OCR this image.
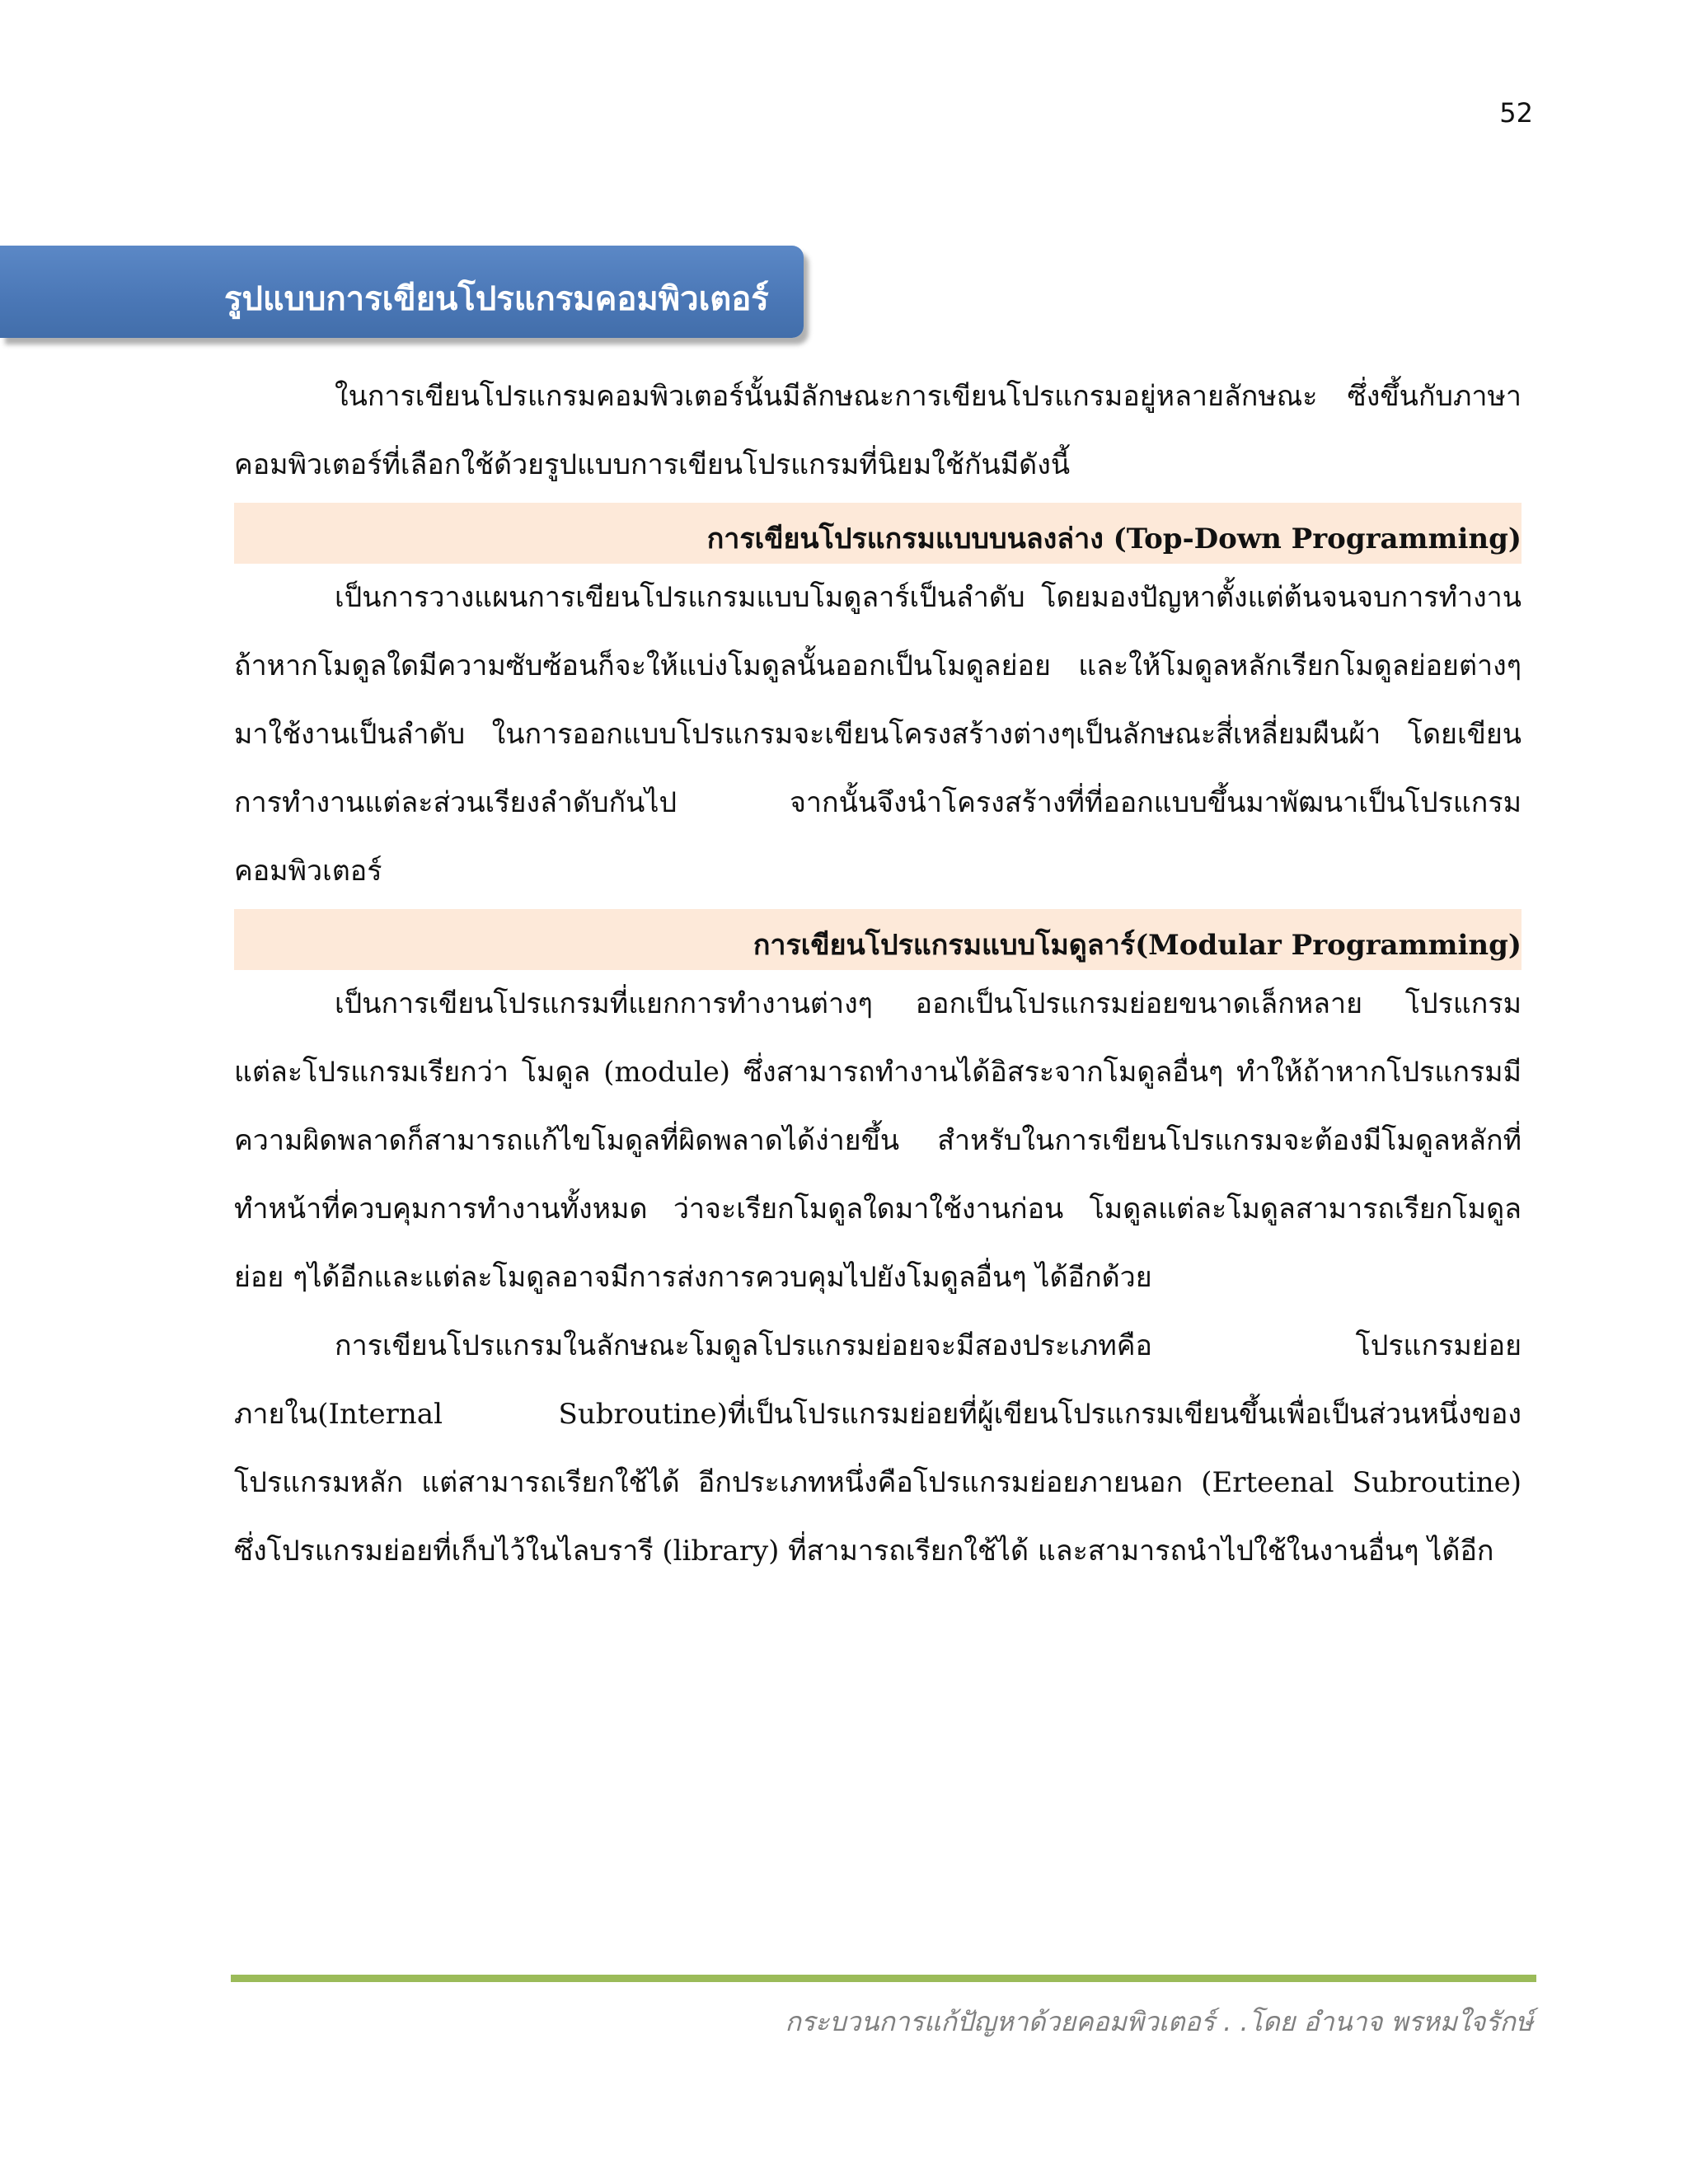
52
รูปแบบการเขียนโปรแกรมคอมพิวเตอร์

ในการเขียนโปรแกรมคอมพิวเตอร์นั้นมีลักษณะการเขียนโปรแกรมอยู่หลายลักษณะ ซึ่งขึ้นกับภาษาคอมพิวเตอร์ที่เลือกใช้ด้วยรูปแบบการเขียนโปรแกรมที่นิยมใช้กันมีดังนี้

การเขียนโปรแกรมแบบบนลงล่าง (Top-Down Programming)

เป็นการวางแผนการเขียนโปรแกรมแบบโมดูลาร์เป็นลำดับ โดยมองปัญหาตั้งแต่ต้นจนจบการทำงาน ถ้าหากโมดูลใดมีความซับซ้อนก็จะให้แบ่งโมดูลนั้นออกเป็นโมดูลย่อย และให้โมดูลหลักเรียกโมดูลย่อยต่างๆมาใช้งานเป็นลำดับ ในการออกแบบโปรแกรมจะเขียนโครงสร้างต่างๆเป็นลักษณะสี่เหลี่ยมผืนผ้า โดยเขียนการทำงานแต่ละส่วนเรียงลำดับกันไป จากนั้นจึงนำโครงสร้างที่ที่ออกแบบขึ้นมาพัฒนาเป็นโปรแกรมคอมพิวเตอร์

การเขียนโปรแกรมแบบโมดูลาร์(Modular Programming)

เป็นการเขียนโปรแกรมที่แยกการทำงานต่างๆ ออกเป็นโปรแกรมย่อยขนาดเล็กหลาย โปรแกรม แต่ละโปรแกรมเรียกว่า โมดูล (module) ซึ่งสามารถทำงานได้อิสระจากโมดูลอื่นๆ ทำให้ถ้าหากโปรแกรมมีความผิดพลาดก็สามารถแก้ไขโมดูลที่ผิดพลาดได้ง่ายขึ้น สำหรับในการเขียนโปรแกรมจะต้องมีโมดูลหลักที่ทำหน้าที่ควบคุมการทำงานทั้งหมด ว่าจะเรียกโมดูลใดมาใช้งานก่อน โมดูลแต่ละโมดูลสามารถเรียกโมดูลย่อย ๆได้อีกและแต่ละโมดูลอาจมีการส่งการควบคุมไปยังโมดูลอื่นๆ ได้อีกด้วย

การเขียนโปรแกรมในลักษณะโมดูลโปรแกรมย่อยจะมีสองประเภทคือ โปรแกรมย่อยภายใน(Internal Subroutine)ที่เป็นโปรแกรมย่อยที่ผู้เขียนโปรแกรมเขียนขึ้นเพื่อเป็นส่วนหนึ่งของโปรแกรมหลัก แต่สามารถเรียกใช้ได้ อีกประเภทหนึ่งคือโปรแกรมย่อยภายนอก (Erteenal Subroutine) ซึ่งโปรแกรมย่อยที่เก็บไว้ในไลบรารี (library) ที่สามารถเรียกใช้ได้ และสามารถนำไปใช้ในงานอื่นๆ ได้อีก

กระบวนการแก้ปัญหาด้วยคอมพิวเตอร์ . .โดย อำนาจ พรหมใจรักษ์
